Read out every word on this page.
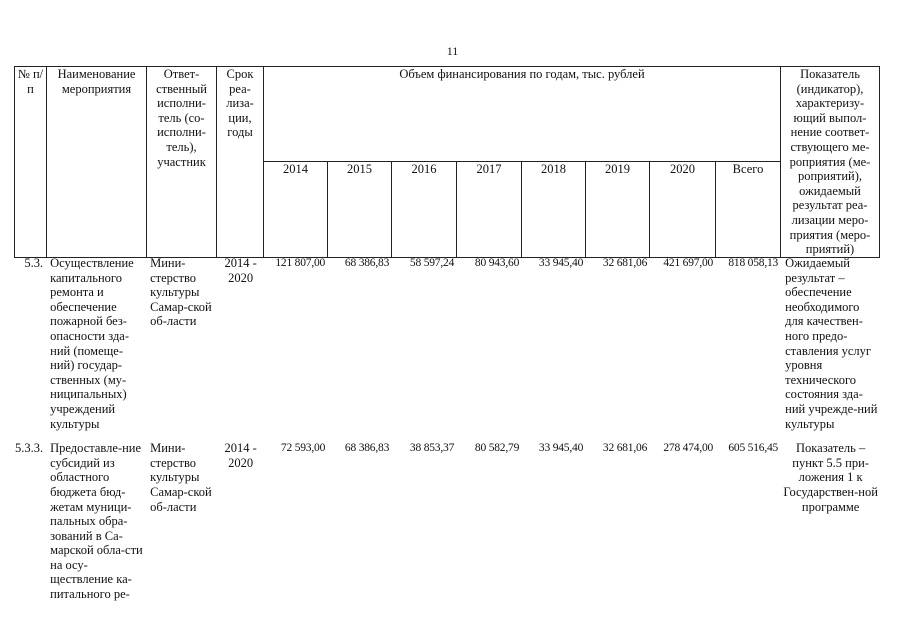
11
№ п/п	Наименование мероприятия	Ответ-ственный исполни-тель (со-исполни-тель), участник	Срок реа-лиза-ции, годы	Объем финансирования по годам, тыс. рублей								Показатель (индикатор), характеризу-ющий выпол-нение соответ-ствующего ме-роприятия (ме-роприятий), ожидаемый результат реа-лизации меро-приятия (меро-приятий)
				2014	2015	2016	2017	2018	2019	2020	Всего	
5.3.	Осуществление капитального ремонта и обеспечение пожарной без-опасности зда-ний (помеще-ний) государ-ственных (му-ниципальных) учреждений культуры	Мини-стерство культуры Самар-ской об-ласти	2014 - 2020	121 807,00	68 386,83	58 597,24	80 943,60	33 945,40	32 681,06	421 697,00	818 058,13	Ожидаемый результат – обеспечение необходимого для качествен-ного предо-ставления услуг уровня технического состояния зда-ний учрежде-ний культуры

5.3.3.	Предоставле-ние субсидий из областного бюджета бюд-жетам муници-пальных обра-зований в Са-марской обла-сти на осу-ществление ка-питального ре-	Мини-стерство культуры Самар-ской об-ласти	2014 - 2020	72 593,00	68 386,83	38 853,37	80 582,79	33 945,40	32 681,06	278 474,00	605 516,45	Показатель – пункт 5.5 при-ложения 1 к Государствен-ной программе
